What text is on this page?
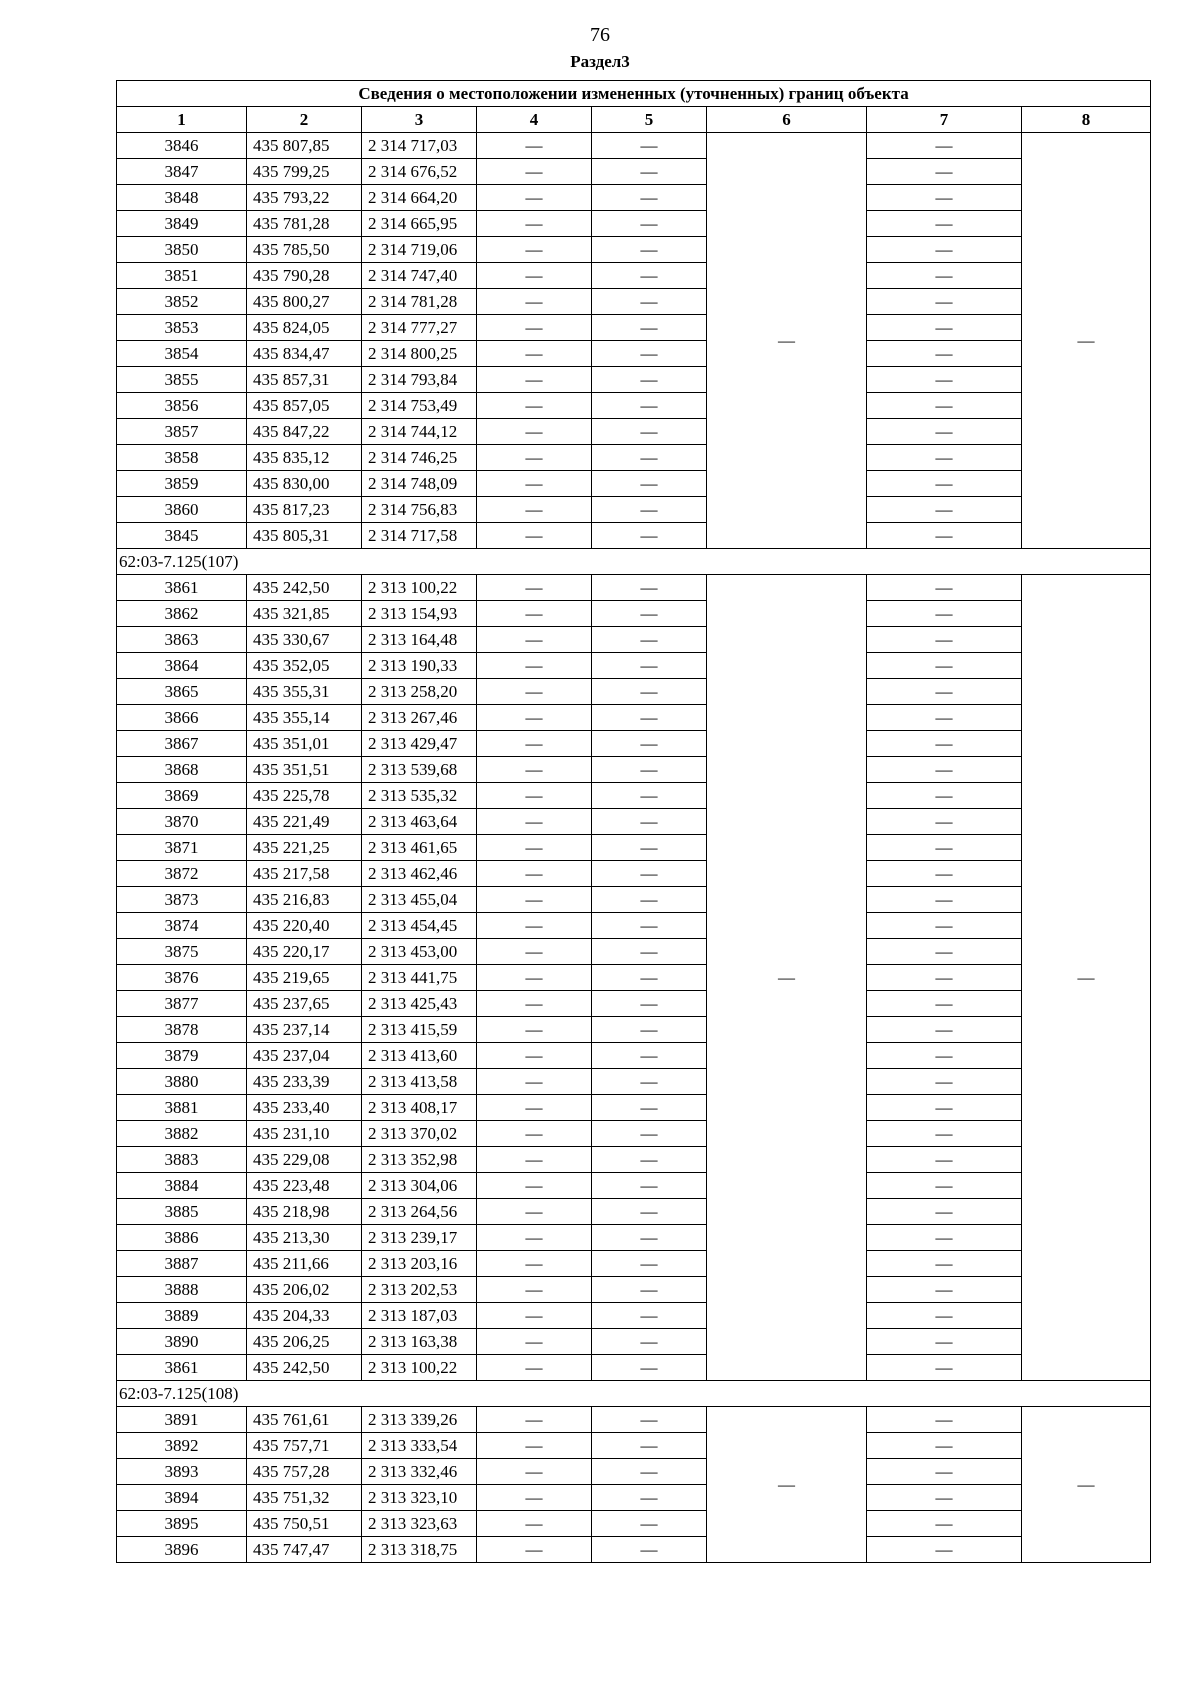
76
Раздел3
Сведения о местоположении измененных (уточненных) границ объекта							
1	2	3	4	5	6	7	8
3846	435 807,85	2 314 717,03	—	—	—	—	—
3847	435 799,25	2 314 676,52	—	—		—	
3848	435 793,22	2 314 664,20	—	—		—	
3849	435 781,28	2 314 665,95	—	—		—	
3850	435 785,50	2 314 719,06	—	—		—	
3851	435 790,28	2 314 747,40	—	—		—	
3852	435 800,27	2 314 781,28	—	—		—	
3853	435 824,05	2 314 777,27	—	—		—	
3854	435 834,47	2 314 800,25	—	—		—	
3855	435 857,31	2 314 793,84	—	—		—	
3856	435 857,05	2 314 753,49	—	—		—	
3857	435 847,22	2 314 744,12	—	—		—	
3858	435 835,12	2 314 746,25	—	—		—	
3859	435 830,00	2 314 748,09	—	—		—	
3860	435 817,23	2 314 756,83	—	—		—	
3845	435 805,31	2 314 717,58	—	—		—	
62:03-7.125(107)							
3861	435 242,50	2 313 100,22	—	—	—	—	—
3862	435 321,85	2 313 154,93	—	—		—	
3863	435 330,67	2 313 164,48	—	—		—	
3864	435 352,05	2 313 190,33	—	—		—	
3865	435 355,31	2 313 258,20	—	—		—	
3866	435 355,14	2 313 267,46	—	—		—	
3867	435 351,01	2 313 429,47	—	—		—	
3868	435 351,51	2 313 539,68	—	—		—	
3869	435 225,78	2 313 535,32	—	—		—	
3870	435 221,49	2 313 463,64	—	—		—	
3871	435 221,25	2 313 461,65	—	—		—	
3872	435 217,58	2 313 462,46	—	—		—	
3873	435 216,83	2 313 455,04	—	—		—	
3874	435 220,40	2 313 454,45	—	—		—	
3875	435 220,17	2 313 453,00	—	—		—	
3876	435 219,65	2 313 441,75	—	—		—	
3877	435 237,65	2 313 425,43	—	—		—	
3878	435 237,14	2 313 415,59	—	—		—	
3879	435 237,04	2 313 413,60	—	—		—	
3880	435 233,39	2 313 413,58	—	—		—	
3881	435 233,40	2 313 408,17	—	—		—	
3882	435 231,10	2 313 370,02	—	—		—	
3883	435 229,08	2 313 352,98	—	—		—	
3884	435 223,48	2 313 304,06	—	—		—	
3885	435 218,98	2 313 264,56	—	—		—	
3886	435 213,30	2 313 239,17	—	—		—	
3887	435 211,66	2 313 203,16	—	—		—	
3888	435 206,02	2 313 202,53	—	—		—	
3889	435 204,33	2 313 187,03	—	—		—	
3890	435 206,25	2 313 163,38	—	—		—	
3861	435 242,50	2 313 100,22	—	—		—	
62:03-7.125(108)							
3891	435 761,61	2 313 339,26	—	—	—	—	—
3892	435 757,71	2 313 333,54	—	—		—	
3893	435 757,28	2 313 332,46	—	—		—	
3894	435 751,32	2 313 323,10	—	—		—	
3895	435 750,51	2 313 323,63	—	—		—	
3896	435 747,47	2 313 318,75	—	—		—	
